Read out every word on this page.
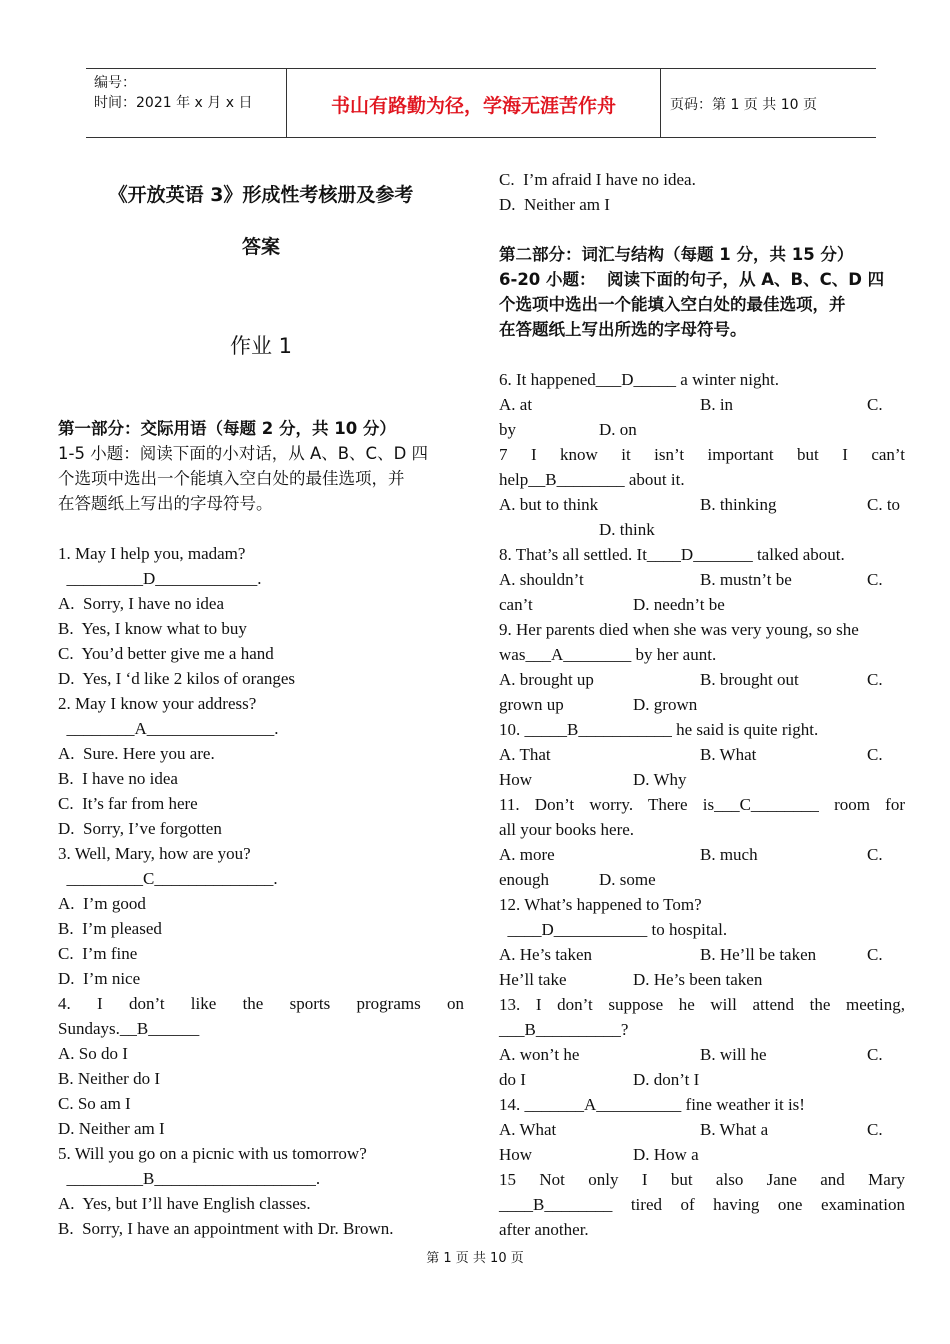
编号：
时间：2021 年 x 月 x 日	书山有路勤为径，学海无涯苦作舟	页码：第 1 页 共 10 页
《开放英语 3》形成性考核册及参考
答案
作业 1
第一部分：交际用语（每题 2 分，共 10 分）
1-5 小题：阅读下面的小对话，从 A、B、C、D 四
个选项中选出一个能填入空白处的最佳选项，并
在答题纸上写出的字母符号。
1. May I help you, madam?
_________D____________.
A.  Sorry, I have no idea
B.  Yes, I know what to buy
C.  You’d better give me a hand
D.  Yes, I ‘d like 2 kilos of oranges
2. May I know your address?
________A_______________.
A.  Sure. Here you are.
B.  I have no idea
C.  It’s far from here
D.  Sorry, I’ve forgotten
3. Well, Mary, how are you?
_________C______________.
A.  I’m good
B.  I’m pleased
C.  I’m fine
D.  I’m nice
4. I don’t like the sports programs on
Sundays.__B______
A. So do I
B. Neither do I
C. So am I
D. Neither am I
5. Will you go on a picnic with us tomorrow?
_________B___________________.
A.  Yes, but I’ll have English classes.
B.  Sorry, I have an appointment with Dr. Brown.
C.  I’m afraid I have no idea.
D.  Neither am I
第二部分：词汇与结构（每题 1 分，共 15 分）
6-20 小题：  阅读下面的句子，从 A、B、C、D 四
个选项中选出一个能填入空白处的最佳选项，并
在答题纸上写出所选的字母符号。
6. It happened___D_____ a winter night.
A. at	B. in	C.
by	D. on
7 I know it isn’t important but I can’t
help__B________ about it.
A. but to think	B. thinking	C. to
D. think
8. That’s all settled. It____D_______ talked about.
A. shouldn’t	B. mustn’t be	C.
can’t	D. needn’t be
9. Her parents died when she was very young, so she
was___A________ by her aunt.
A. brought up	B. brought out	C.
grown up	D. grown
10. _____B___________ he said is quite right.
A. That	B. What	C.
How	D. Why
11. Don’t worry. There is___C________ room for
all your books here.
A. more	B. much	C.
enough	D. some
12. What’s happened to Tom?
____D___________ to hospital.
A. He’s taken	B. He’ll be taken	C.
He’ll take	D. He’s been taken
13. I don’t suppose he will attend the meeting,
___B__________?
A. won’t he	B. will he	C.
do I	D. don’t I
14. _______A__________ fine weather it is!
A. What	B. What a	C.
How	D. How a
15 Not only I but also Jane and Mary
____B________ tired of having one examination
after another.
第 1 页 共 10 页
